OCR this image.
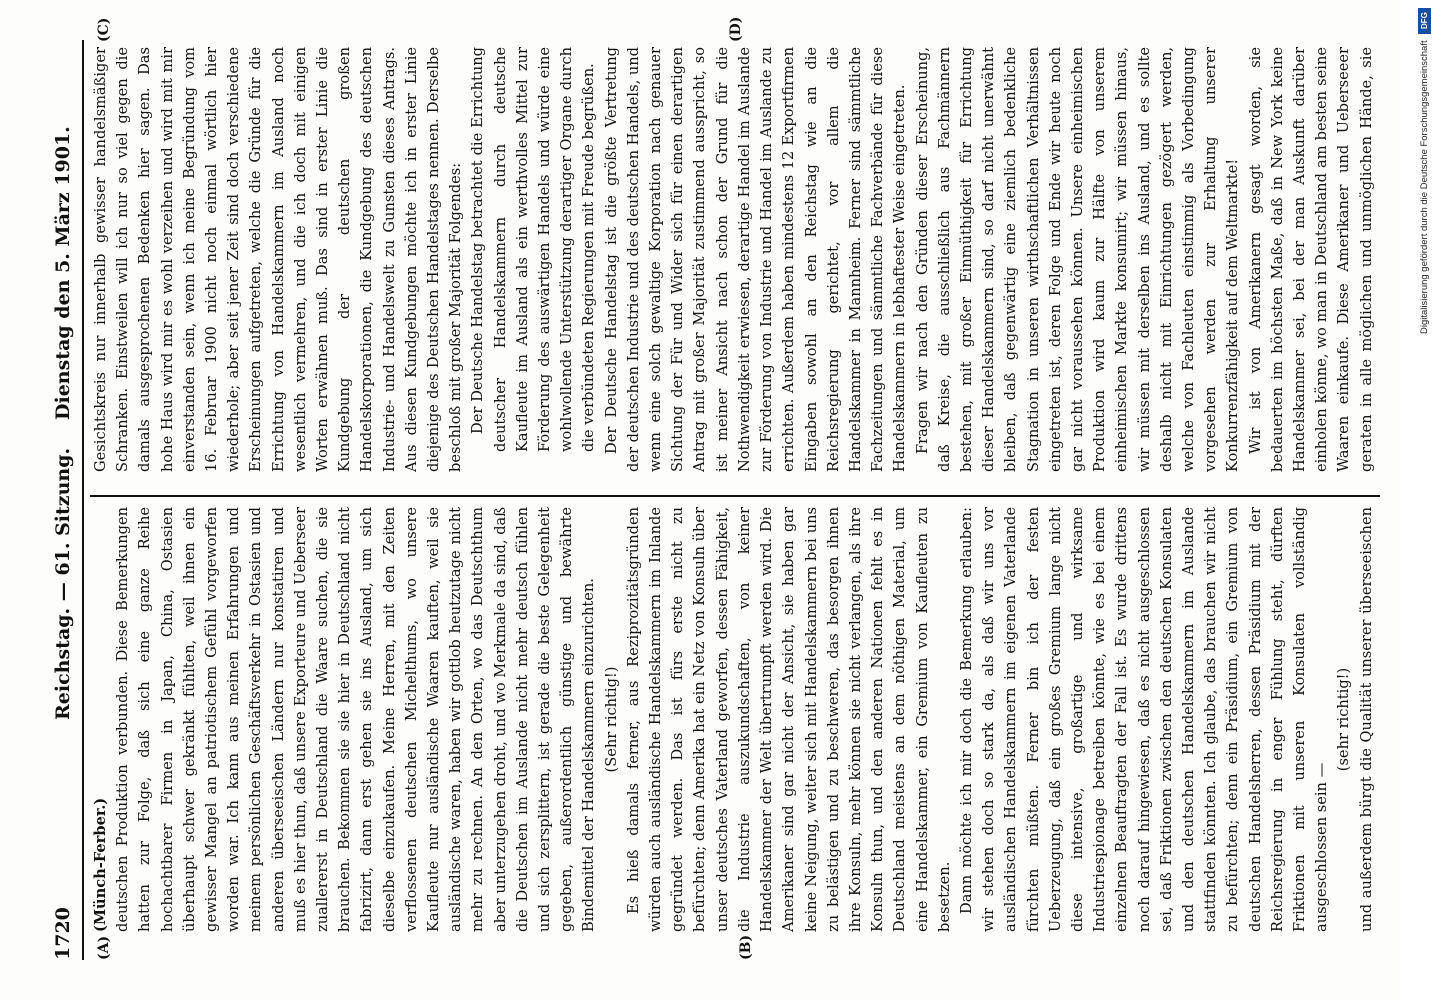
1720
Reichstag. — 61. Sitzung.
Dienstag den 5. März 1901.
(A)	(B)
(C)	(D)

(Münch-Ferber.) deutschen Produktion verbunden. Diese Bemerkungen hatten zur Folge, daß sich eine ganze Reihe hochachtbarer Firmen in Japan, China, Ostasien überhaupt schwer gekränkt fühlten, weil ihnen ein gewisser Mangel an patriotischem Gefühl vorgeworfen worden war. Ich kann aus meinen Erfahrungen und meinem persönlichen Geschäftsverkehr in Ostasien und anderen überseeischen Ländern nur konstatiren und muß es hier thun, daß unsere Exporteure und Ueberseer zuallererst in Deutschland die Waare suchen, die sie brauchen. Bekommen sie sie hier in Deutschland nicht fabrizirt, dann erst gehen sie ins Ausland, um sich dieselbe einzukaufen. Meine Herren, mit den Zeiten verflossenen deutschen Michelthums, wo unsere Kaufleute nur ausländische Waaren kauften, weil sie ausländische waren, haben wir gottlob heutzutage nicht mehr zu rechnen. An den Orten, wo das Deutschthum aber unterzugehen droht, und wo Merkmale da sind, daß die Deutschen im Auslande nicht mehr deutsch fühlen und sich zersplittern, ist gerade die beste Gelegenheit gegeben, außerordentlich günstige und bewährte Bindemittel der Handelskammern einzurichten. (Sehr richtig!) Es hieß damals ferner, aus Reziprozitätsgründen würden auch ausländische Handelskammern im Inlande gegründet werden. Das ist fürs erste nicht zu befürchten; denn Amerika hat ein Netz von Konsuln über unser deutsches Vaterland geworfen, dessen Fähigkeit, die Industrie auszukundschaften, von keiner Handelskammer der Welt übertrumpft werden wird. Die Amerikaner sind gar nicht der Ansicht, sie haben gar keine Neigung, weiter sich mit Handelskammern bei uns zu belästigen und zu beschweren, das besorgen ihnen ihre Konsuln, mehr können sie nicht verlangen, als ihre Konsuln thun, und den anderen Nationen fehlt es in Deutschland meistens an dem nöthigen Material, um eine Handelskammer, ein Gremium von Kaufleuten zu besetzen. Dann möchte ich mir doch die Bemerkung erlauben: wir stehen doch so stark da, als daß wir uns vor ausländischen Handelskammern im eigenen Vaterlande fürchten müßten. Ferner bin ich der festen Ueberzeugung, daß ein großes Gremium lange nicht diese intensive, großartige und wirksame Industriespionage betreiben könnte, wie es bei einem einzelnen Beauftragten der Fall ist. Es wurde drittens noch darauf hingewiesen, daß es nicht ausgeschlossen sei, daß Friktionen zwischen den deutschen Konsulaten und den deutschen Handelskammern im Auslande stattfinden könnten. Ich glaube, das brauchen wir nicht zu befürchten; denn ein Präsidium, ein Gremium von deutschen Handelsherren, dessen Präsidium mit der Reichsregierung in enger Fühlung steht, dürften Friktionen mit unseren Konsulaten vollständig ausgeschlossen sein —

(sehr richtig!)

und außerdem bürgt die Qualität unserer überseeischen

Gesichtskreis nur innerhalb gewisser handelsmäßiger Schranken. Einstweilen will ich nur so viel gegen die damals ausgesprochenen Bedenken hier sagen. Das hohe Haus wird mir es wohl verzeihen und wird mit mir einverstanden sein, wenn ich meine Begründung vom 16. Februar 1900 nicht noch einmal wörtlich hier wiederhole; aber seit jener Zeit sind doch verschiedene Erscheinungen aufgetreten, welche die Gründe für die Errichtung von Handelskammern im Ausland noch wesentlich vermehren, und die ich doch mit einigen Worten erwähnen muß. Das sind in erster Linie die Kundgebung der deutschen großen Handelskorporationen, die Kundgebung des deutschen Industrie- und Handelswelt zu Gunsten dieses Antrags. Aus diesen Kundgebungen möchte ich in erster Linie diejenige des Deutschen Handelstages nennen. Derselbe beschloß mit großer Majorität Folgendes: Der Deutsche Handelstag betrachtet die Errichtung deutscher Handelskammern durch deutsche Kaufleute im Ausland als ein werthvolles Mittel zur Förderung des auswärtigen Handels und würde eine wohlwollende Unterstützung derartiger Organe durch die verbündeten Regierungen mit Freude begrüßen. Der Deutsche Handelstag ist die größte Vertretung der deutschen Industrie und des deutschen Handels, und wenn eine solch gewaltige Korporation nach genauer Sichtung der Für und Wider sich für einen derartigen Antrag mit großer Majorität zustimmend ausspricht, so ist meiner Ansicht nach schon der Grund für die Nothwendigkeit erwiesen, derartige Handel im Auslande zur Förderung von Industrie und Handel im Auslande zu errichten. Außerdem haben mindestens 12 Exportfirmen Eingaben sowohl an den Reichstag wie an die Reichsregierung gerichtet, vor allem die Handelskammer in Mannheim. Ferner sind sämmtliche Fachzeitungen und sämmtliche Fachverbände für diese Handelskammern in lebhaftester Weise eingetreten. Fragen wir nach den Gründen dieser Erscheinung, daß Kreise, die ausschließlich aus Fachmännern bestehen, mit großer Einmüthigkeit für Errichtung dieser Handelskammern sind, so darf nicht unerwähnt bleiben, daß gegenwärtig eine ziemlich bedenkliche Stagnation in unseren wirthschaftlichen Verhältnissen eingetreten ist, deren Folge und Ende wir heute noch gar nicht voraussehen können. Unsere einheimischen Produktion wird kaum zur Hälfte von unserem einheimischen Markte konsumirt; wir müssen hinaus, wir müssen mit derselben ins Ausland, und es sollte deshalb nicht mit Einrichtungen gezögert werden, welche von Fachleuten einstimmig als Vorbedingung vorgesehen werden zur Erhaltung unserer Konkurrenzfähigkeit auf dem Weltmarkte! Wir ist von Amerikanern gesagt worden, sie bedauerten im höchsten Maße, daß in New York keine Handelskammer sei, bei der man Auskunft darüber einholen könne, wo man in Deutschland am besten seine Waaren einkaufe. Diese Amerikaner und Ueberseeer geraten in alle möglichen und unmöglichen Hände, sie

DFG
Digitalisierung gefördert durch die Deutsche Forschungsgemeinschaft
